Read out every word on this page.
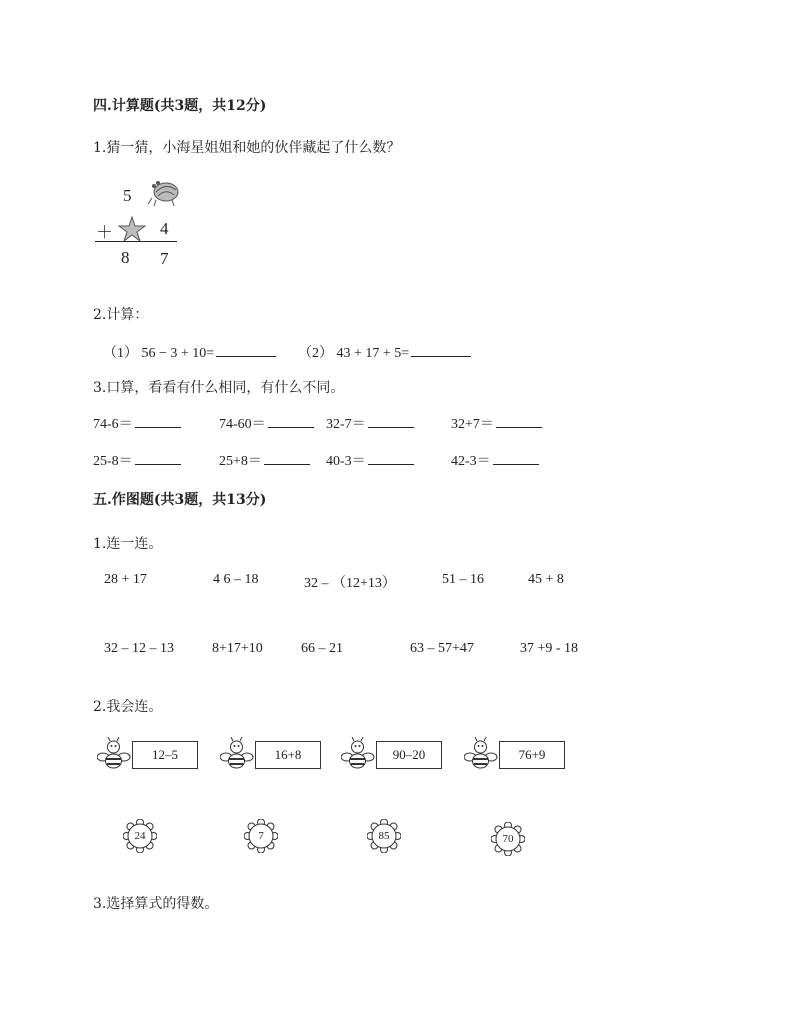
四.计算题(共3题，共12分)
1.猜一猜，小海星姐姐和她的伙伴藏起了什么数？
5
＋	4
8 7
2.计算：
（1） 56 − 3 + 10=	（2） 43 + 17 + 5=
3.口算，看看有什么相同，有什么不同。
74-6＝	74-60＝	32-7＝	32+7＝
25-8＝	25+8＝	40-3＝	42-3＝
五.作图题(共3题，共13分)
1.连一连。
28 + 17	4 6 – 18	32 – （12+13）	51 – 16	45 + 8
32 – 12 – 13	8+17+10	66 – 21	63 – 57+47	37 +9 - 18
2.我会连。
12–5	16+8	90–20	76+9
24	7	85	70
3.选择算式的得数。
